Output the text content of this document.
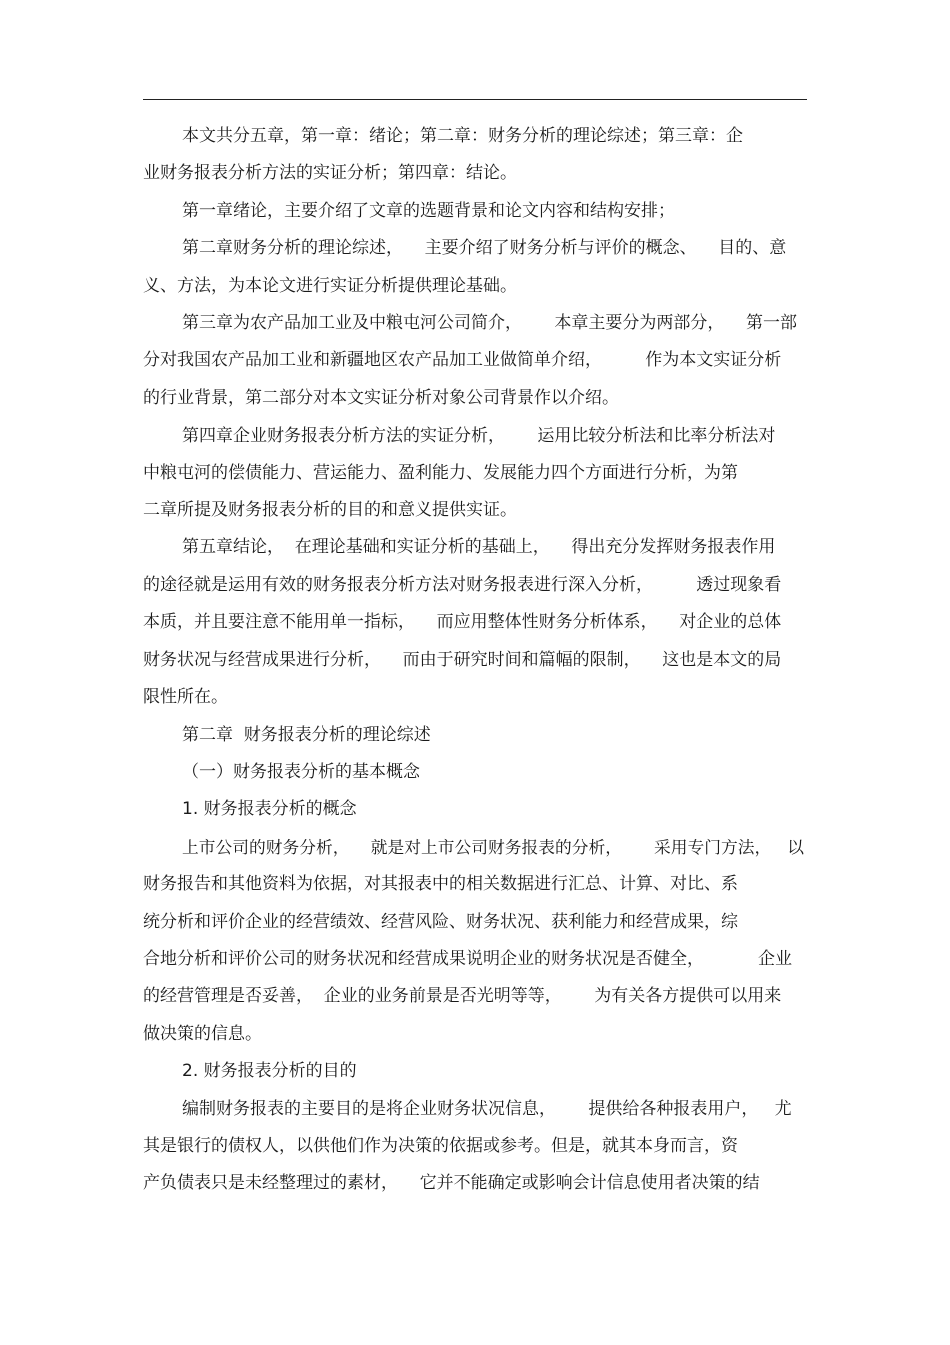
本文共分五章，第一章：绪论；第二章：财务分析的理论综述；第三章：企
业财务报表分析方法的实证分析；第四章：结论。
第一章绪论，主要介绍了文章的选题背景和论文内容和结构安排；
第二章财务分析的理论综述，    主要介绍了财务分析与评价的概念、    目的、意
义、方法，为本论文进行实证分析提供理论基础。
第三章为农产品加工业及中粮屯河公司简介，      本章主要分为两部分，    第一部
分对我国农产品加工业和新疆地区农产品加工业做简单介绍，        作为本文实证分析
的行业背景，第二部分对本文实证分析对象公司背景作以介绍。
第四章企业财务报表分析方法的实证分析，      运用比较分析法和比率分析法对
中粮屯河的偿债能力、营运能力、盈利能力、发展能力四个方面进行分析，为第
二章所提及财务报表分析的目的和意义提供实证。
第五章结论，  在理论基础和实证分析的基础上，    得出充分发挥财务报表作用
的途径就是运用有效的财务报表分析方法对财务报表进行深入分析，        透过现象看
本质，并且要注意不能用单一指标，    而应用整体性财务分析体系，    对企业的总体
财务状况与经营成果进行分析，    而由于研究时间和篇幅的限制，    这也是本文的局
限性所在。
第二章  财务报表分析的理论综述
（一）财务报表分析的基本概念
1. 财务报表分析的概念
上市公司的财务分析，    就是对上市公司财务报表的分析，      采用专门方法，   以
财务报告和其他资料为依据，对其报表中的相关数据进行汇总、计算、对比、系
统分析和评价企业的经营绩效、经营风险、财务状况、获利能力和经营成果，综
合地分析和评价公司的财务状况和经营成果说明企业的财务状况是否健全，          企业
的经营管理是否妥善，  企业的业务前景是否光明等等，      为有关各方提供可以用来
做决策的信息。
2. 财务报表分析的目的
编制财务报表的主要目的是将企业财务状况信息，      提供给各种报表用户，   尤
其是银行的债权人，以供他们作为决策的依据或参考。但是，就其本身而言，资
产负债表只是未经整理过的素材，    它并不能确定或影响会计信息使用者决策的结
